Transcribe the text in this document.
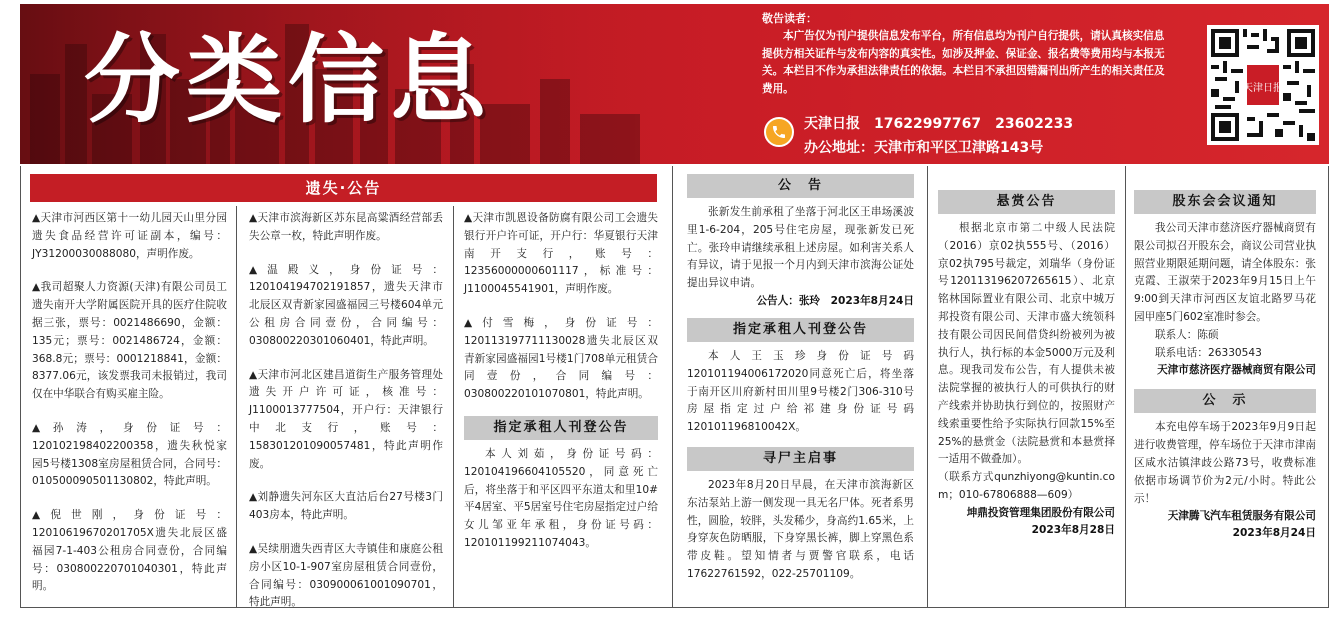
分类信息
敬告读者：
本广告仅为刊户提供信息发布平台，所有信息均为刊户自行提供，请认真核实信息提供方相关证件与发布内容的真实性。如涉及押金、保证金、报名费等费用均与本报无关。本栏目不作为承担法律责任的依据。本栏目不承担因错漏刊出所产生的相关责任及费用。
天津日报　17622997767　23602233
办公地址：天津市和平区卫津路143号
天津日报
遗失·公告
▲天津市河西区第十一幼儿园天山里分园遗失食品经营许可证副本，编号：JY31200030088080，声明作废。
▲我司超聚人力资源(天津)有限公司员工遗失南开大学附属医院开具的医疗住院收据三张，票号：0021486690，金额：135元；票号：0021486724，金额：368.8元；票号：0001218841，金额：8377.06元，该发票我司未报销过，我司仅在中华联合有购买雇主险。
▲孙涛，身份证号：120102198402200358，遗失秋悦家园5号楼1308室房屋租赁合同，合同号：010500090501130802，特此声明。
▲倪世刚，身份证号：12010619670201705X遗失北辰区盛福园7-1-403公租房合同壹份，合同编号：030800220701040301，特此声明。
▲天津市滨海新区苏东昆高粱酒经营部丢失公章一枚，特此声明作废。
▲温殿义，身份证号：120104194702191857，遗失天津市北辰区双青新家园盛福园三号楼604单元公租房合同壹份，合同编号：030800220301060401，特此声明。
▲天津市河北区建昌道街生产服务管理处遗失开户许可证，核准号：J1100013777504，开户行：天津银行中北支行，账号：158301201090057481，特此声明作废。
▲刘静遗失河东区大直沽后台27号楼3门403房本，特此声明。
▲吴续朋遗失西青区大寺镇佳和康庭公租房小区10-1-907室房屋租赁合同壹份，合同编号：030900061001090701，特此声明。
▲天津市凯恩设备防腐有限公司工会遗失银行开户许可证，开户行：华夏银行天津南开支行，账号：12356000000601117，标准号：J1100045541901，声明作废。
▲付雪梅，身份证号：120113197711130028遗失北辰区双青新家园盛福园1号楼1门708单元租赁合同壹份，合同编号：030800220101070801，特此声明。
指定承租人刊登公告
本人刘茹，身份证号码：120104196604105520，同意死亡后，将坐落于和平区四平东道太和里10#平4居室、平5居室号住宅房屋指定过户给女儿邹亚年承租，身份证号码：120101199211074043。
公　告
张新发生前承租了坐落于河北区王串场溪波里1-6-204，205号住宅房屋，现张新发已死亡。张玲申请继续承租上述房屋。如利害关系人有异议，请于见报一个月内到天津市滨海公证处提出异议申请。
公告人：张玲　2023年8月24日
指定承租人刊登公告
本人王玉珍身份证号码120101194006172020同意死亡后，将坐落于南开区川府新村田川里9号楼2门306-310号房屋指定过户给祁建身份证号码120101196810042X。
寻尸主启事
2023年8月20日早晨，在天津市滨海新区东沽泵站上游一侧发现一具无名尸体。死者系男性，圆脸，较胖，头发稀少，身高约1.65米，上身穿灰色防晒服，下身穿黑长裤，脚上穿黑色系带皮鞋。望知情者与贾警官联系，电话17622761592，022-25701109。
悬赏公告
根据北京市第二中级人民法院（2016）京02执555号、（2016）京02执795号裁定，刘瑞华（身份证号120113196207265615）、北京铭林国际置业有限公司、北京中城万邦投资有限公司、天津市盛大统领科技有限公司因民间借贷纠纷被列为被执行人，执行标的本金5000万元及利息。现我司发布公告，有人提供未被法院掌握的被执行人的可供执行的财产线索并协助执行到位的，按照财产线索重要性给予实际执行回款15%至25%的悬赏金（法院悬赏和本悬赏择一适用不做叠加）。
（联系方式qunzhiyong@kuntin.com；010-67806888—609）
坤鼎投资管理集团股份有限公司
2023年8月28日
股东会会议通知
我公司天津市慈济医疗器械商贸有限公司拟召开股东会，商议公司营业执照营业期限延期问题，请全体股东：张克霞、王淑荣于2023年9月15日上午9:00到天津市河西区友谊北路罗马花园甲座5门602室准时参会。
联系人：陈硕
联系电话：26330543
天津市慈济医疗器械商贸有限公司
公　示
本充电停车场于2023年9月9日起进行收费管理，停车场位于天津市津南区咸水沽镇津歧公路73号，收费标准依据市场调节价为2元/小时。特此公示！
天津腾飞汽车租赁服务有限公司
2023年8月24日
